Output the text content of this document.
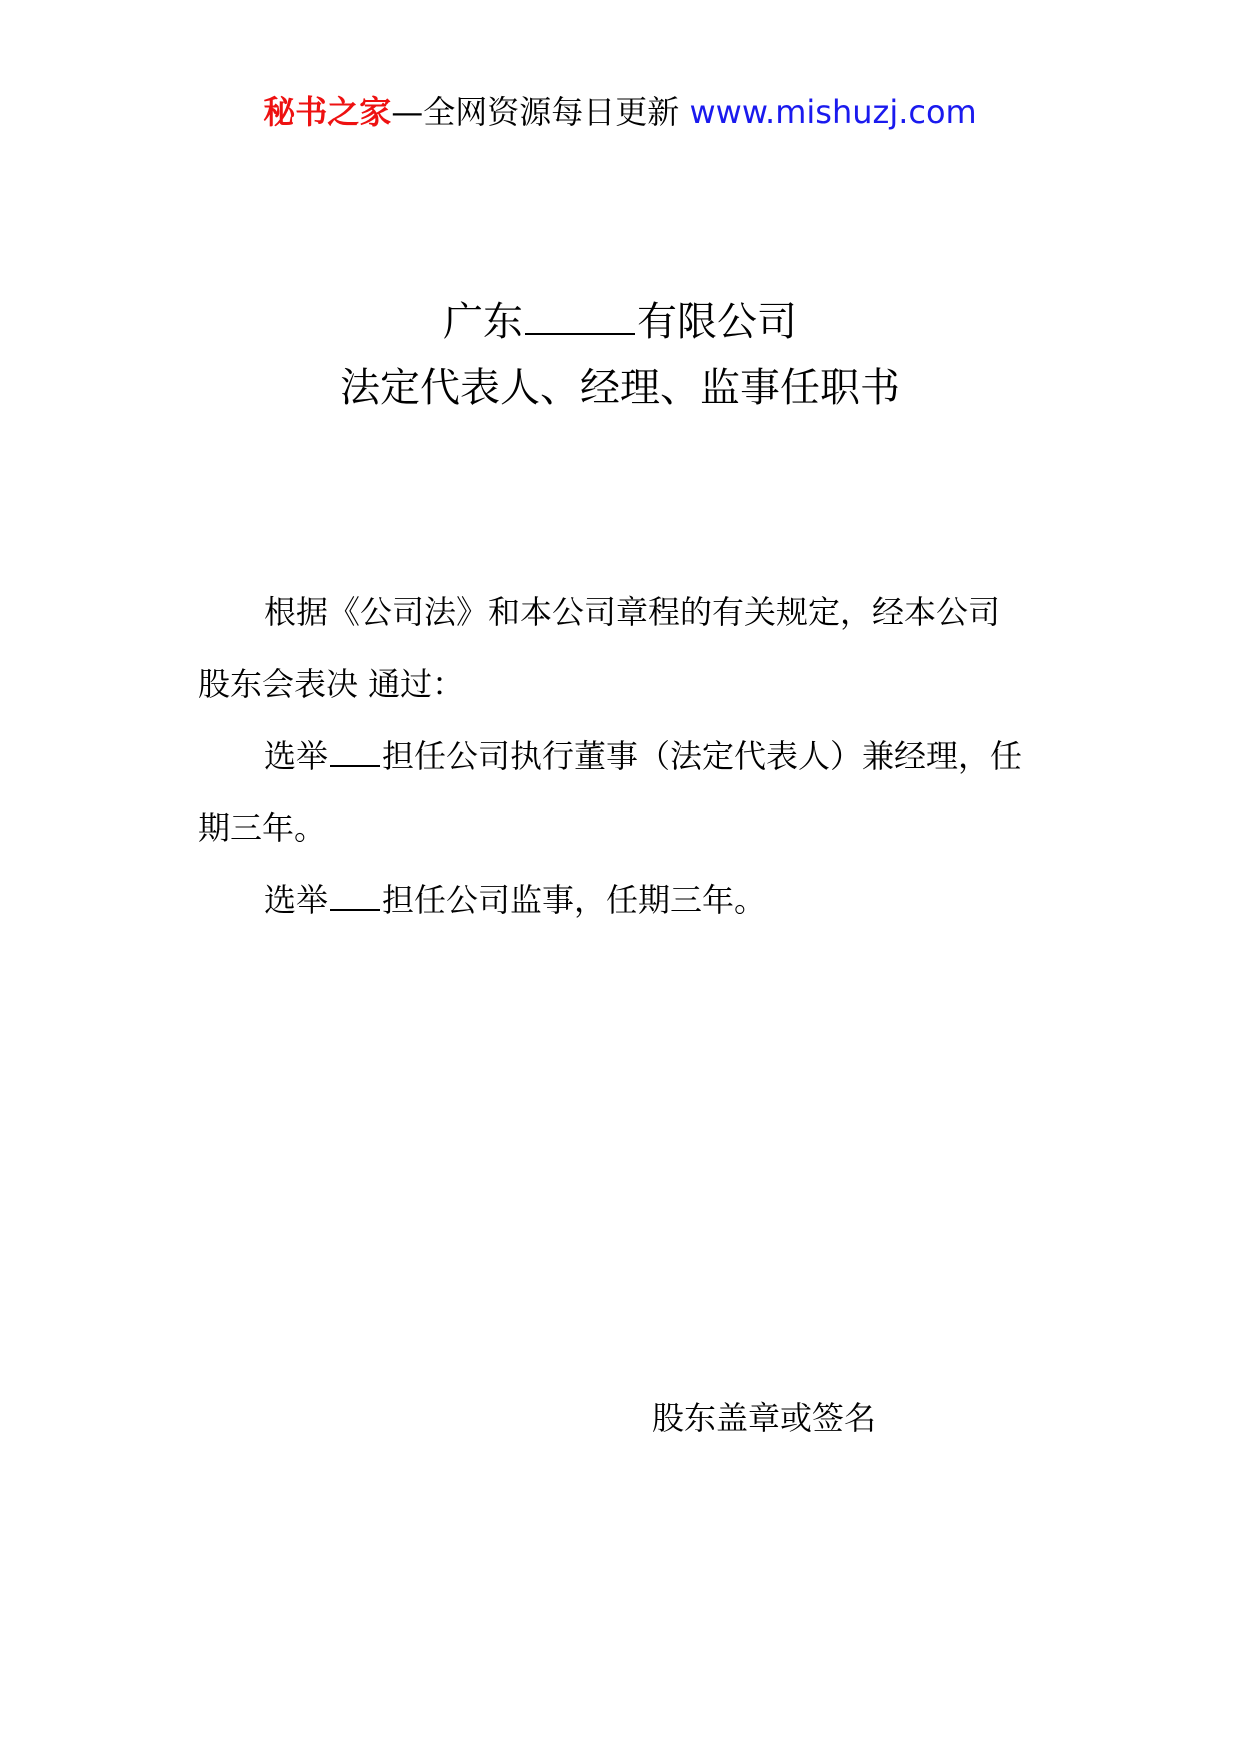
秘书之家—全网资源每日更新 www.mishuzj.com
广东	有限公司
法定代表人、经理、监事任职书
根据《公司法》和本公司章程的有关规定，经本公司
股东会表决 通过：
选举 担任公司执行董事（法定代表人）兼经理，任
期三年。
选举 担任公司监事，任期三年。
股东盖章或签名
